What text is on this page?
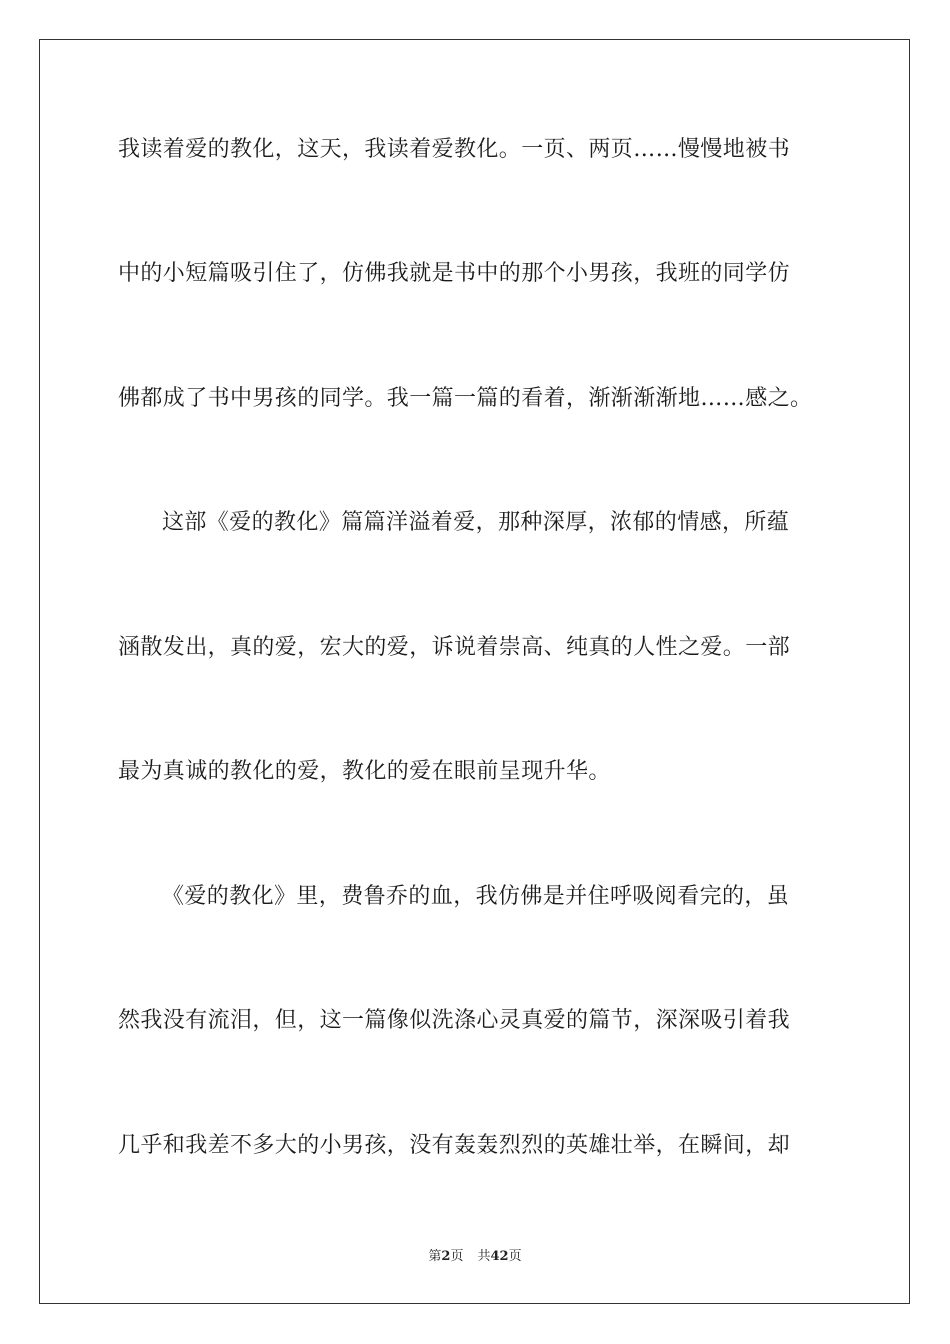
我读着爱的教化，这天，我读着爱教化。一页、两页……慢慢地被书
中的小短篇吸引住了，仿佛我就是书中的那个小男孩，我班的同学仿
佛都成了书中男孩的同学。我一篇一篇的看着，渐渐渐渐地……感之。
这部《爱的教化》篇篇洋溢着爱，那种深厚，浓郁的情感，所蕴
涵散发出，真的爱，宏大的爱，诉说着崇高、纯真的人性之爱。一部
最为真诚的教化的爱，教化的爱在眼前呈现升华。
《爱的教化》里，费鲁乔的血，我仿佛是并住呼吸阅看完的，虽
然我没有流泪，但，这一篇像似洗涤心灵真爱的篇节，深深吸引着我
几乎和我差不多大的小男孩，没有轰轰烈烈的英雄壮举，在瞬间，却
第2页 共42页
